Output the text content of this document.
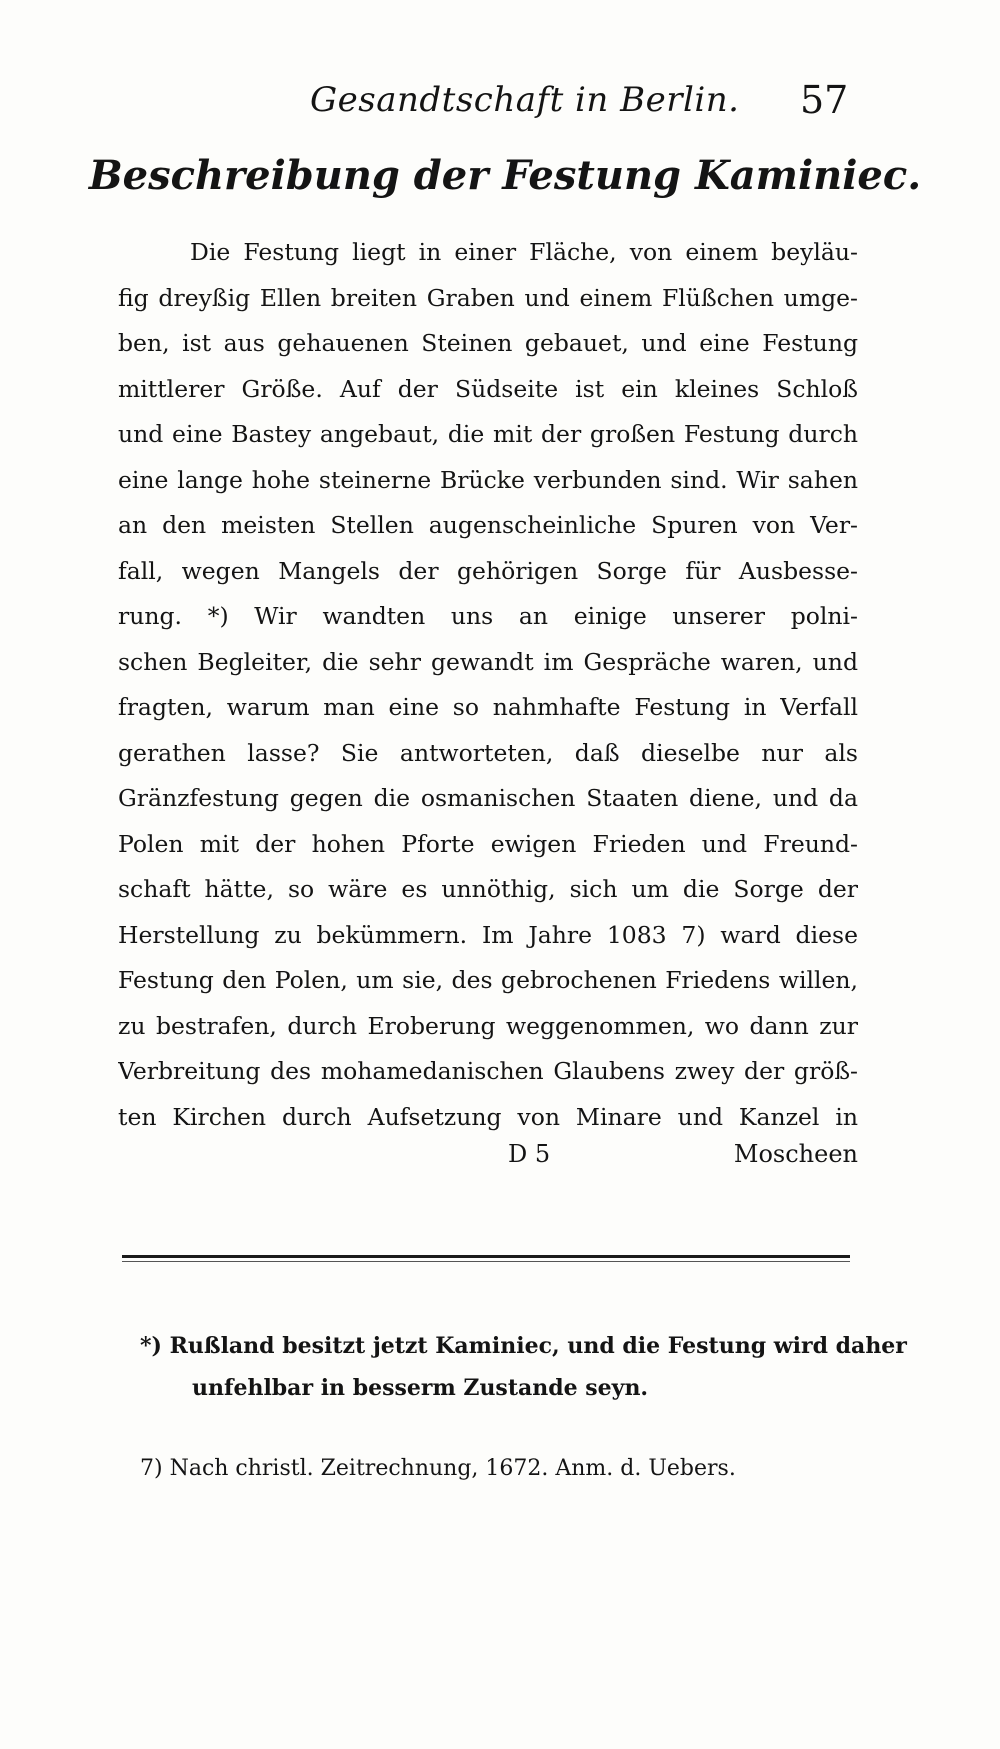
Gesandtschaft in Berlin. 57
Beschreibung der Festung Kaminiec.
Die Festung liegt in einer Fläche, von einem beyläu-
fig dreyßig Ellen breiten Graben und einem Flüßchen umge-
ben, ist aus gehauenen Steinen gebauet, und eine Festung
mittlerer Größe. Auf der Südseite ist ein kleines Schloß
und eine Bastey angebaut, die mit der großen Festung durch
eine lange hohe steinerne Brücke verbunden sind. Wir sahen
an den meisten Stellen augenscheinliche Spuren von Ver-
fall, wegen Mangels der gehörigen Sorge für Ausbesse-
rung. *) Wir wandten uns an einige unserer polni-
schen Begleiter, die sehr gewandt im Gespräche waren, und
fragten, warum man eine so nahmhafte Festung in Verfall
gerathen lasse? Sie antworteten, daß dieselbe nur als
Gränzfestung gegen die osmanischen Staaten diene, und da
Polen mit der hohen Pforte ewigen Frieden und Freund-
schaft hätte, so wäre es unnöthig, sich um die Sorge der
Herstellung zu bekümmern. Im Jahre 1083 7) ward diese
Festung den Polen, um sie, des gebrochenen Friedens willen,
zu bestrafen, durch Eroberung weggenommen, wo dann zur
Verbreitung des mohamedanischen Glaubens zwey der größ-
ten Kirchen durch Aufsetzung von Minare und Kanzel in
D 5	Moscheen
*) Rußland besitzt jetzt Kaminiec, und die Festung wird daher
unfehlbar in besserm Zustande seyn.
7) Nach christl. Zeitrechnung, 1672. Anm. d. Uebers.
